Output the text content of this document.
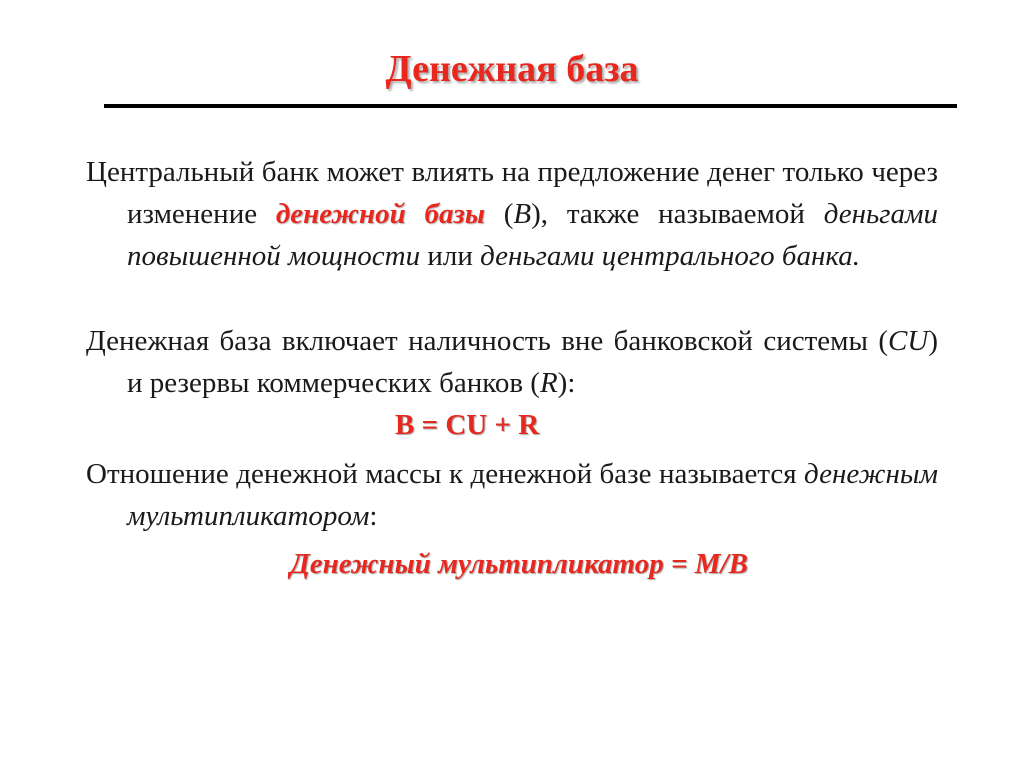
Денежная база
Центральный банк может влиять на предложение денег только через изменение денежной базы (B), также называемой деньгами повышенной мощности или деньгами центрального банка.
Денежная база включает наличность вне банковской системы (CU) и резервы коммерческих банков (R):
B = CU + R
Отношение денежной массы к денежной базе называется денежным мультипликатором:
Денежный мультипликатор = M/B
